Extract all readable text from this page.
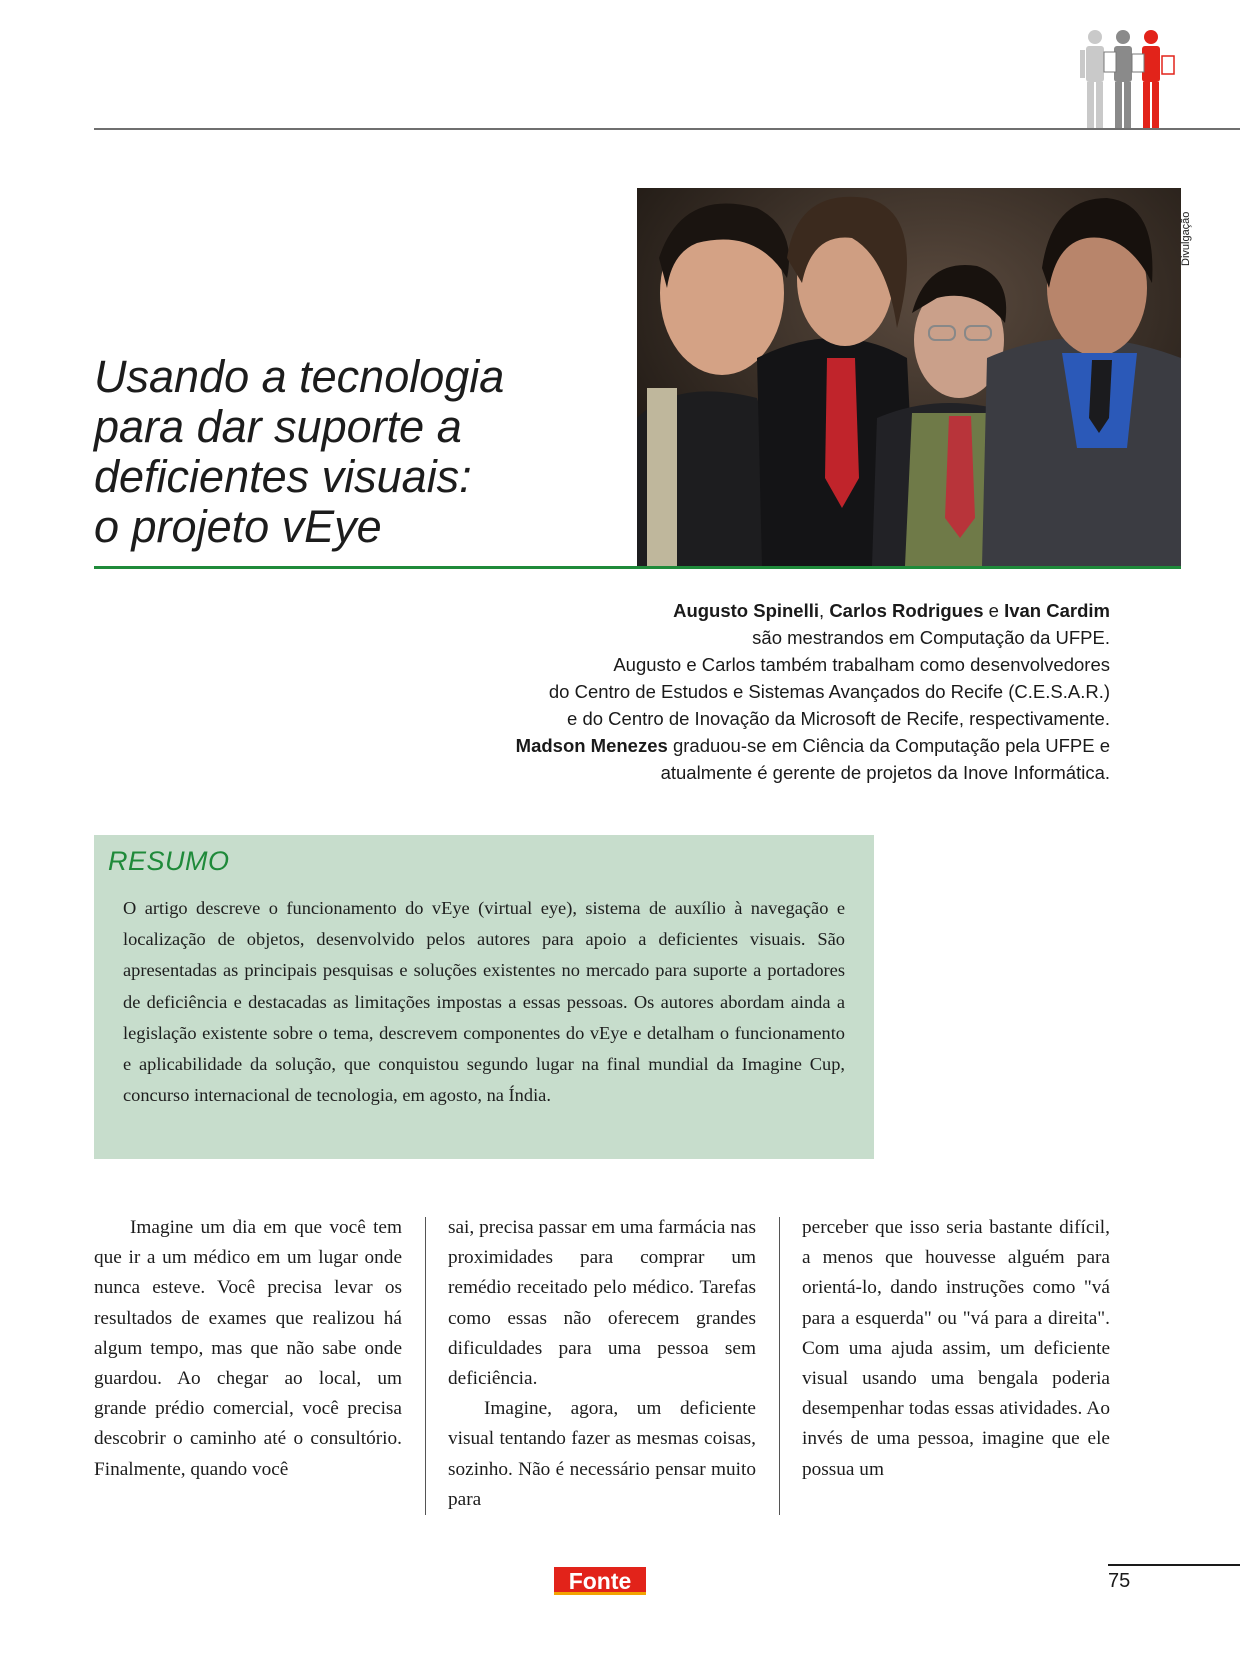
Divulgação
Usando a tecnologia
para dar suporte a
deficientes visuais:
o projeto vEye
Augusto Spinelli, Carlos Rodrigues e Ivan Cardim
são mestrandos em Computação da UFPE.
Augusto e Carlos também trabalham como desenvolvedores
do Centro de Estudos e Sistemas Avançados do Recife (C.E.S.A.R.)
e do Centro de Inovação da Microsoft de Recife, respectivamente.
Madson Menezes graduou-se em Ciência da Computação pela UFPE e
atualmente é gerente de projetos da Inove Informática.
RESUMO

O artigo descreve o funcionamento do vEye (virtual eye), sistema de auxílio à navegação e localização de objetos, desenvolvido pelos autores para apoio a deficientes visuais. São apresentadas as principais pesquisas e soluções existentes no mercado para suporte a portadores de deficiência e destacadas as limitações impostas a essas pessoas. Os autores abordam ainda a legislação existente sobre o tema, descrevem componentes do vEye e detalham o funcionamento e aplicabilidade da solução, que conquistou segundo lugar na final mundial da Imagine Cup, concurso internacional de tecnologia, em agosto, na Índia.

Imagine um dia em que você tem que ir a um médico em um lugar onde nunca esteve. Você precisa levar os resultados de exames que realizou há algum tempo, mas que não sabe onde guardou. Ao chegar ao local, um grande prédio comercial, você precisa descobrir o caminho até o consultório. Finalmente, quando você

sai, precisa passar em uma farmácia nas proximidades para comprar um remédio receitado pelo médico. Tarefas como essas não oferecem grandes dificuldades para uma pessoa sem deficiência.

Imagine, agora, um deficiente visual tentando fazer as mesmas coisas, sozinho. Não é necessário pensar muito para

perceber que isso seria bastante difícil, a menos que houvesse alguém para orientá-lo, dando instruções como "vá para a esquerda" ou "vá para a direita". Com uma ajuda assim, um deficiente visual usando uma bengala poderia desempenhar todas essas atividades. Ao invés de uma pessoa, imagine que ele possua um

Fonte	75
